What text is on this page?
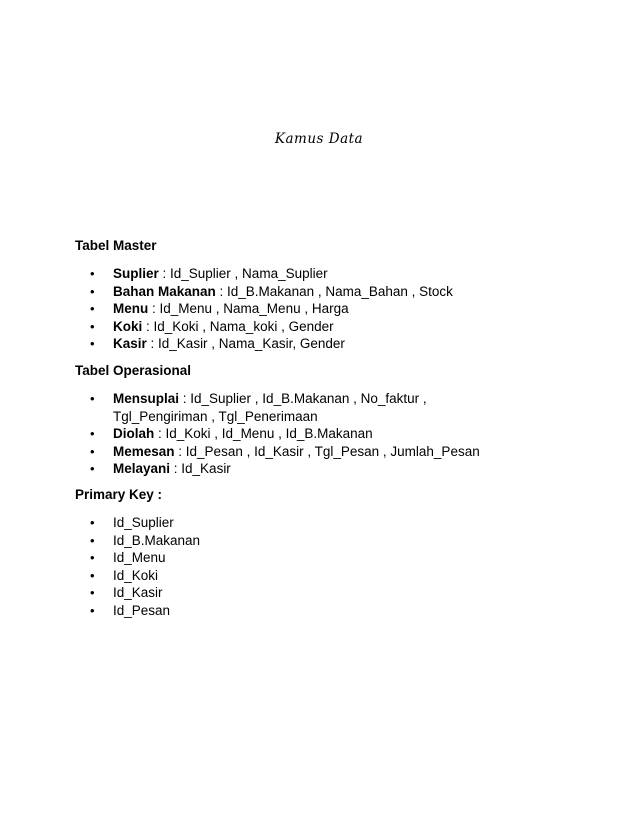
Kamus Data
Tabel Master
• Suplier : Id_Suplier , Nama_Suplier
• Bahan Makanan : Id_B.Makanan , Nama_Bahan , Stock
• Menu : Id_Menu , Nama_Menu , Harga
• Koki : Id_Koki , Nama_koki , Gender
• Kasir : Id_Kasir , Nama_Kasir, Gender
Tabel Operasional
• Mensuplai : Id_Suplier , Id_B.Makanan , No_faktur , Tgl_Pengiriman , Tgl_Penerimaan
• Diolah : Id_Koki , Id_Menu , Id_B.Makanan
• Memesan : Id_Pesan , Id_Kasir , Tgl_Pesan , Jumlah_Pesan
• Melayani : Id_Kasir
Primary Key :
• Id_Suplier
• Id_B.Makanan
• Id_Menu
• Id_Koki
• Id_Kasir
• Id_Pesan
